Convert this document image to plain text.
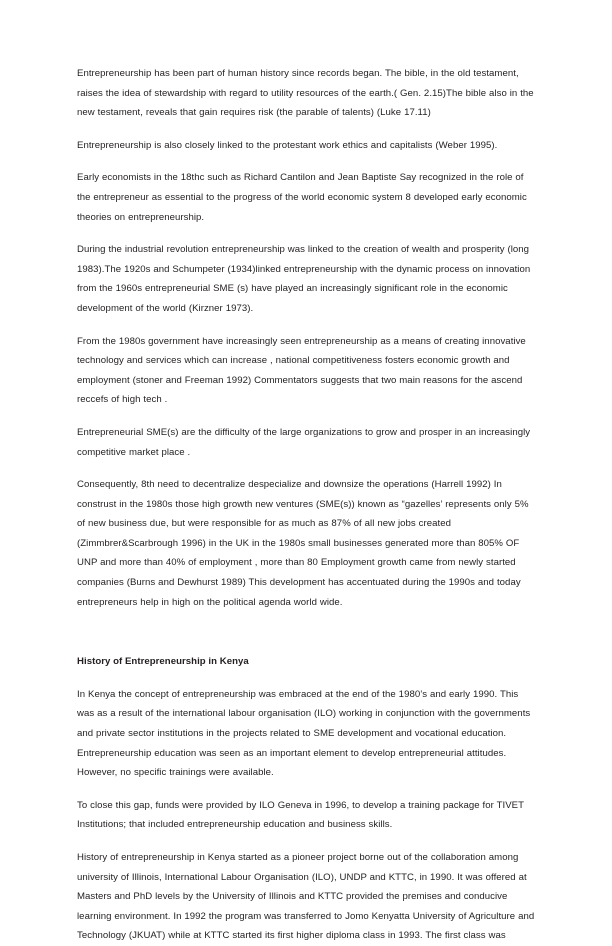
Entrepreneurship has been part of human history since records began. The bible, in the old testament, raises the idea of stewardship with regard to utility resources of the earth.( Gen. 2.15)The bible also in the new testament, reveals that gain requires risk (the parable of talents) (Luke 17.11)

Entrepreneurship is also closely linked to the protestant work ethics and capitalists (Weber 1995).

Early economists in the 18thc such as Richard Cantilon and Jean Baptiste Say recognized in the role of the entrepreneur as essential to the progress of the world economic system 8 developed early economic theories on entrepreneurship.

During the industrial revolution entrepreneurship was linked to the creation of wealth and prosperity (long 1983).The 1920s and Schumpeter (1934)linked entrepreneurship with the dynamic process on innovation from the 1960s entrepreneurial SME (s) have played an increasingly significant role in the economic development of the world (Kirzner 1973).

From the 1980s government have increasingly seen entrepreneurship as a means of creating innovative technology and services which can increase , national competitiveness fosters economic growth and employment (stoner and Freeman 1992) Commentators suggests that two main reasons for the ascend reccefs of high tech .

Entrepreneurial SME(s) are the difficulty of the large organizations to grow and prosper in an increasingly competitive market place .

Consequently, 8th need to decentralize despecialize and downsize the operations (Harrell 1992) In construst in the 1980s those high growth new ventures (SME(s)) known as “gazelles’ represents only 5% of new business due, but were responsible for as much as 87% of all new jobs created (Zimmbrer&Scarbrough 1996) in the UK in the 1980s small businesses generated more than 805% OF UNP and more than 40% of employment , more than 80 Employment growth came from newly started companies (Burns and Dewhurst 1989) This development has accentuated during the 1990s and today entrepreneurs help in high on the political agenda world wide.

History of Entrepreneurship in Kenya

In Kenya the concept of entrepreneurship was embraced at the end of the 1980’s and early 1990. This was as a result of the international labour organisation (ILO) working in conjunction with the governments and private sector institutions in the projects related to SME development and vocational education. Entrepreneurship education was seen as an important element to develop entrepreneurial attitudes. However, no specific trainings were available.

To close this gap, funds were provided by ILO Geneva in 1996, to develop a training package for TIVET Institutions; that included entrepreneurship education and business skills.

History of entrepreneurship in Kenya started as a pioneer project borne out of the collaboration among university of Illinois, International Labour Organisation (ILO), UNDP and KTTC, in 1990. It was offered at Masters and PhD levels by the University of Illinois and KTTC provided the premises and conducive learning environment. In 1992 the program was transferred to Jomo Kenyatta University of Agriculture and Technology (JKUAT) while at KTTC started its first higher diploma class in 1993. The first class was
